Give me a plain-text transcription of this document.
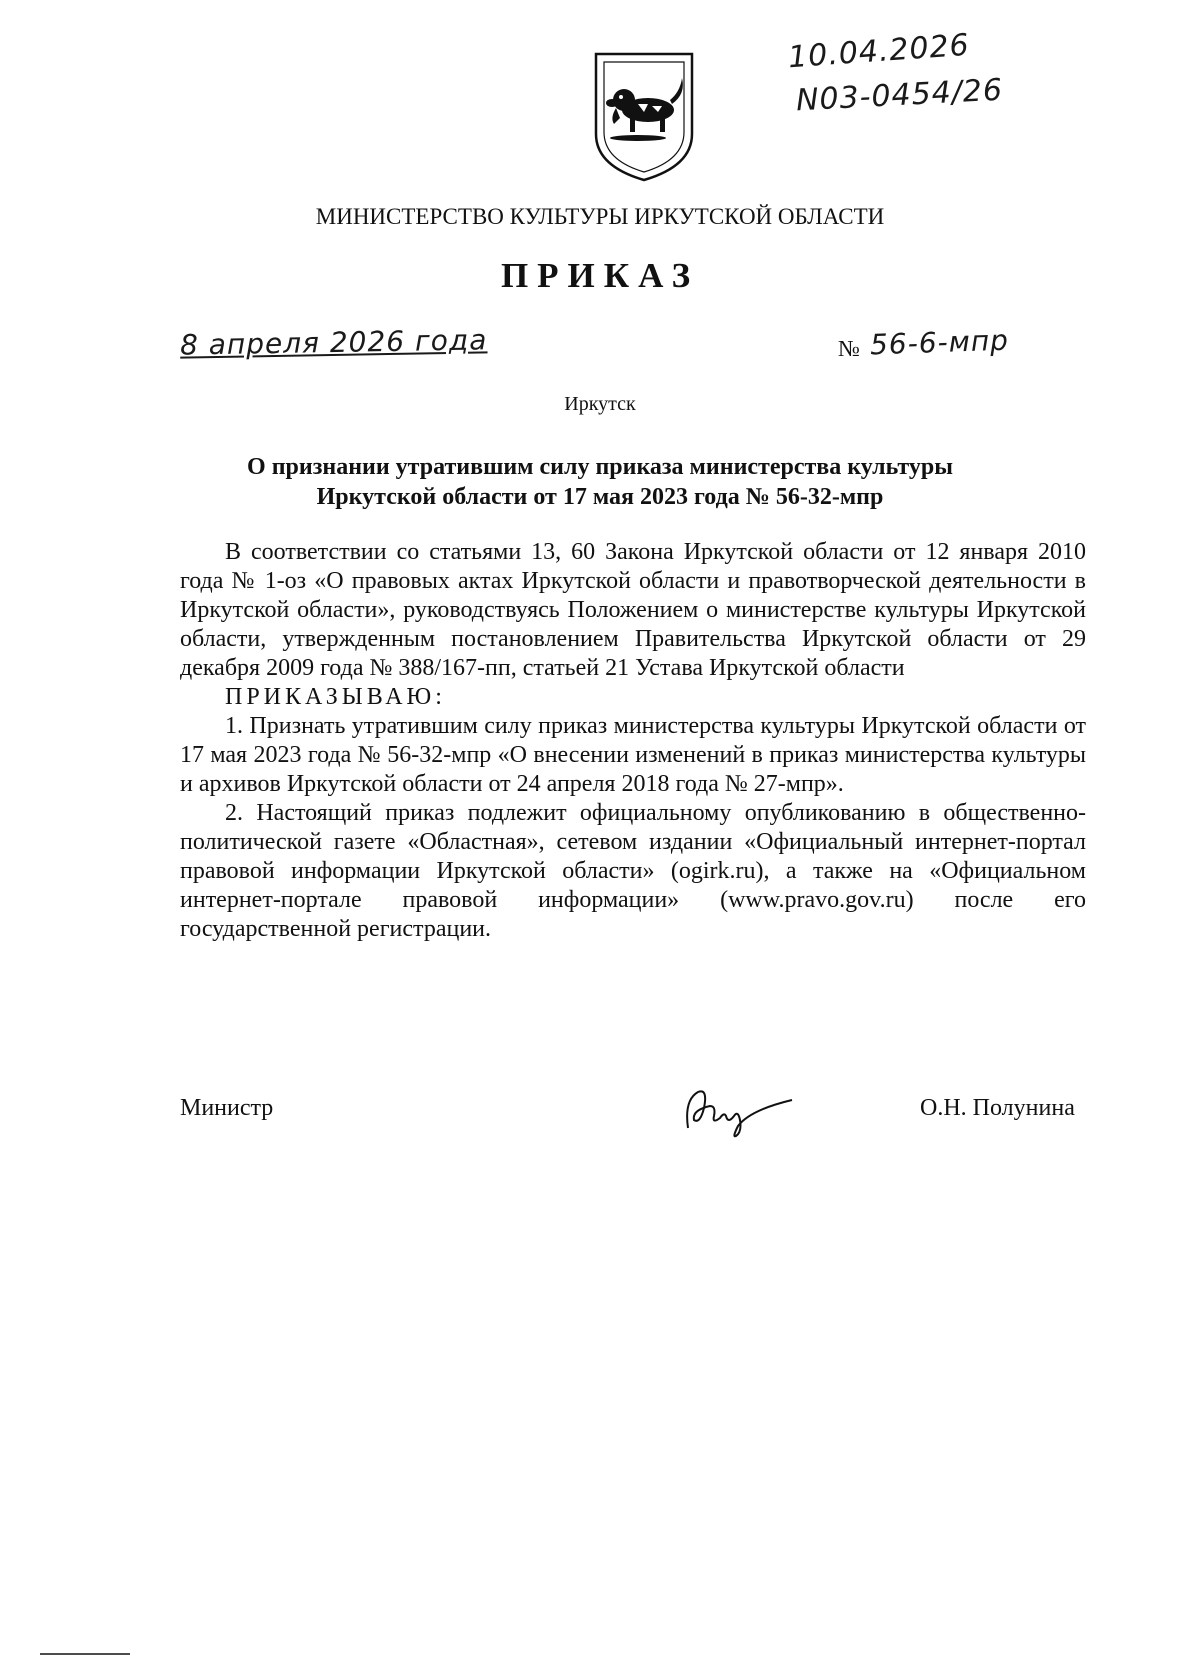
10.04.2026
N03-0454/26
МИНИСТЕРСТВО КУЛЬТУРЫ ИРКУТСКОЙ ОБЛАСТИ
ПРИКАЗ
8 апреля 2026 года	№ 56-6-мпр
Иркутск
О признании утратившим силу приказа министерства культуры
Иркутской области от 17 мая 2023 года № 56-32-мпр

В соответствии со статьями 13, 60 Закона Иркутской области от 12 января 2010 года № 1-оз «О правовых актах Иркутской области и правотворческой деятельности в Иркутской области», руководствуясь Положением о министерстве культуры Иркутской области, утвержденным постановлением Правительства Иркутской области от 29 декабря 2009 года № 388/167-пп, статьей 21 Устава Иркутской области

ПРИКАЗЫВАЮ:

1. Признать утратившим силу приказ министерства культуры Иркутской области от 17 мая 2023 года № 56-32-мпр «О внесении изменений в приказ министерства культуры и архивов Иркутской области от 24 апреля 2018 года № 27-мпр».

2. Настоящий приказ подлежит официальному опубликованию в общественно-политической газете «Областная», сетевом издании «Официальный интернет-портал правовой информации Иркутской области» (ogirk.ru), а также на «Официальном интернет-портале правовой информации» (www.pravo.gov.ru) после его государственной регистрации.

Министр	О.Н. Полунина
